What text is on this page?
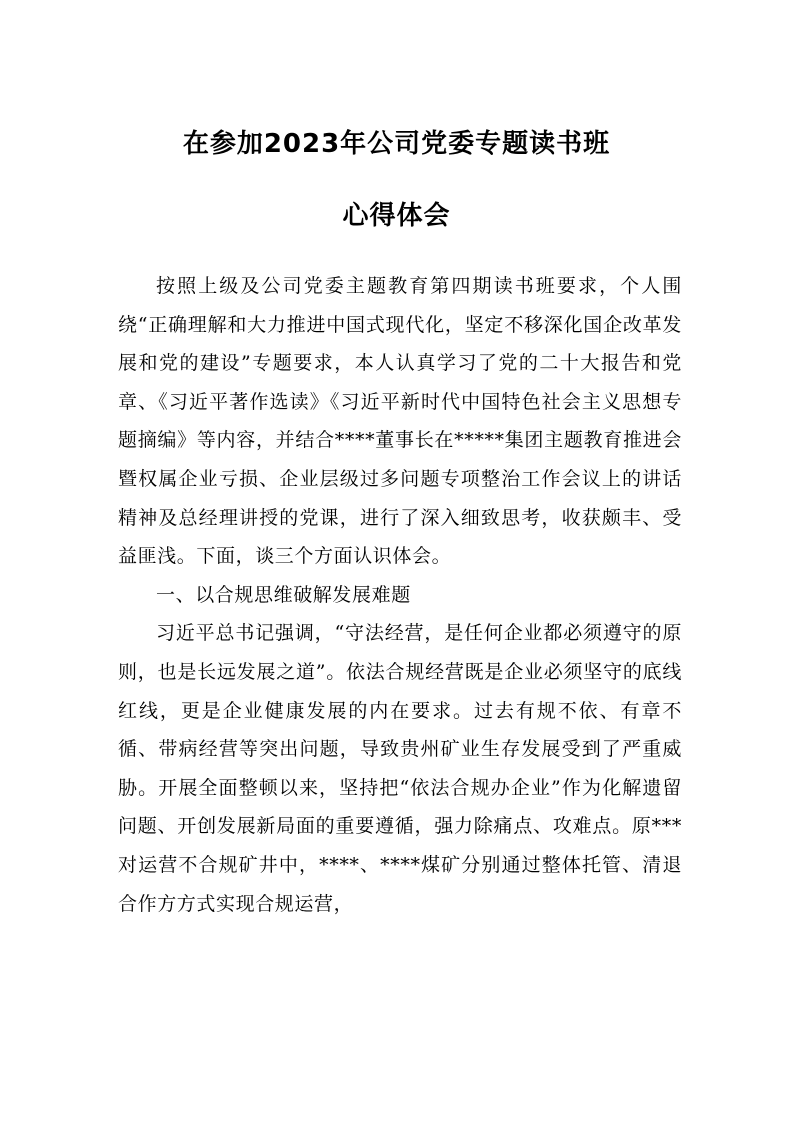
在参加2023年公司党委专题读书班
心得体会

按照上级及公司党委主题教育第四期读书班要求，个人围绕“正确理解和大力推进中国式现代化，坚定不移深化国企改革发展和党的建设”专题要求，本人认真学习了党的二十大报告和党章、《习近平著作选读》《习近平新时代中国特色社会主义思想专题摘编》等内容，并结合****董事长在*****集团主题教育推进会暨权属企业亏损、企业层级过多问题专项整治工作会议上的讲话精神及总经理讲授的党课，进行了深入细致思考，收获颇丰、受益匪浅。下面，谈三个方面认识体会。

一、以合规思维破解发展难题

习近平总书记强调，“守法经营，是任何企业都必须遵守的原则，也是长远发展之道”。依法合规经营既是企业必须坚守的底线红线，更是企业健康发展的内在要求。过去有规不依、有章不循、带病经营等突出问题，导致贵州矿业生存发展受到了严重威胁。开展全面整顿以来，坚持把“依法合规办企业”作为化解遗留问题、开创发展新局面的重要遵循，强力除痛点、攻难点。原***对运营不合规矿井中，****、****煤矿分别通过整体托管、清退合作方方式实现合规运营，
